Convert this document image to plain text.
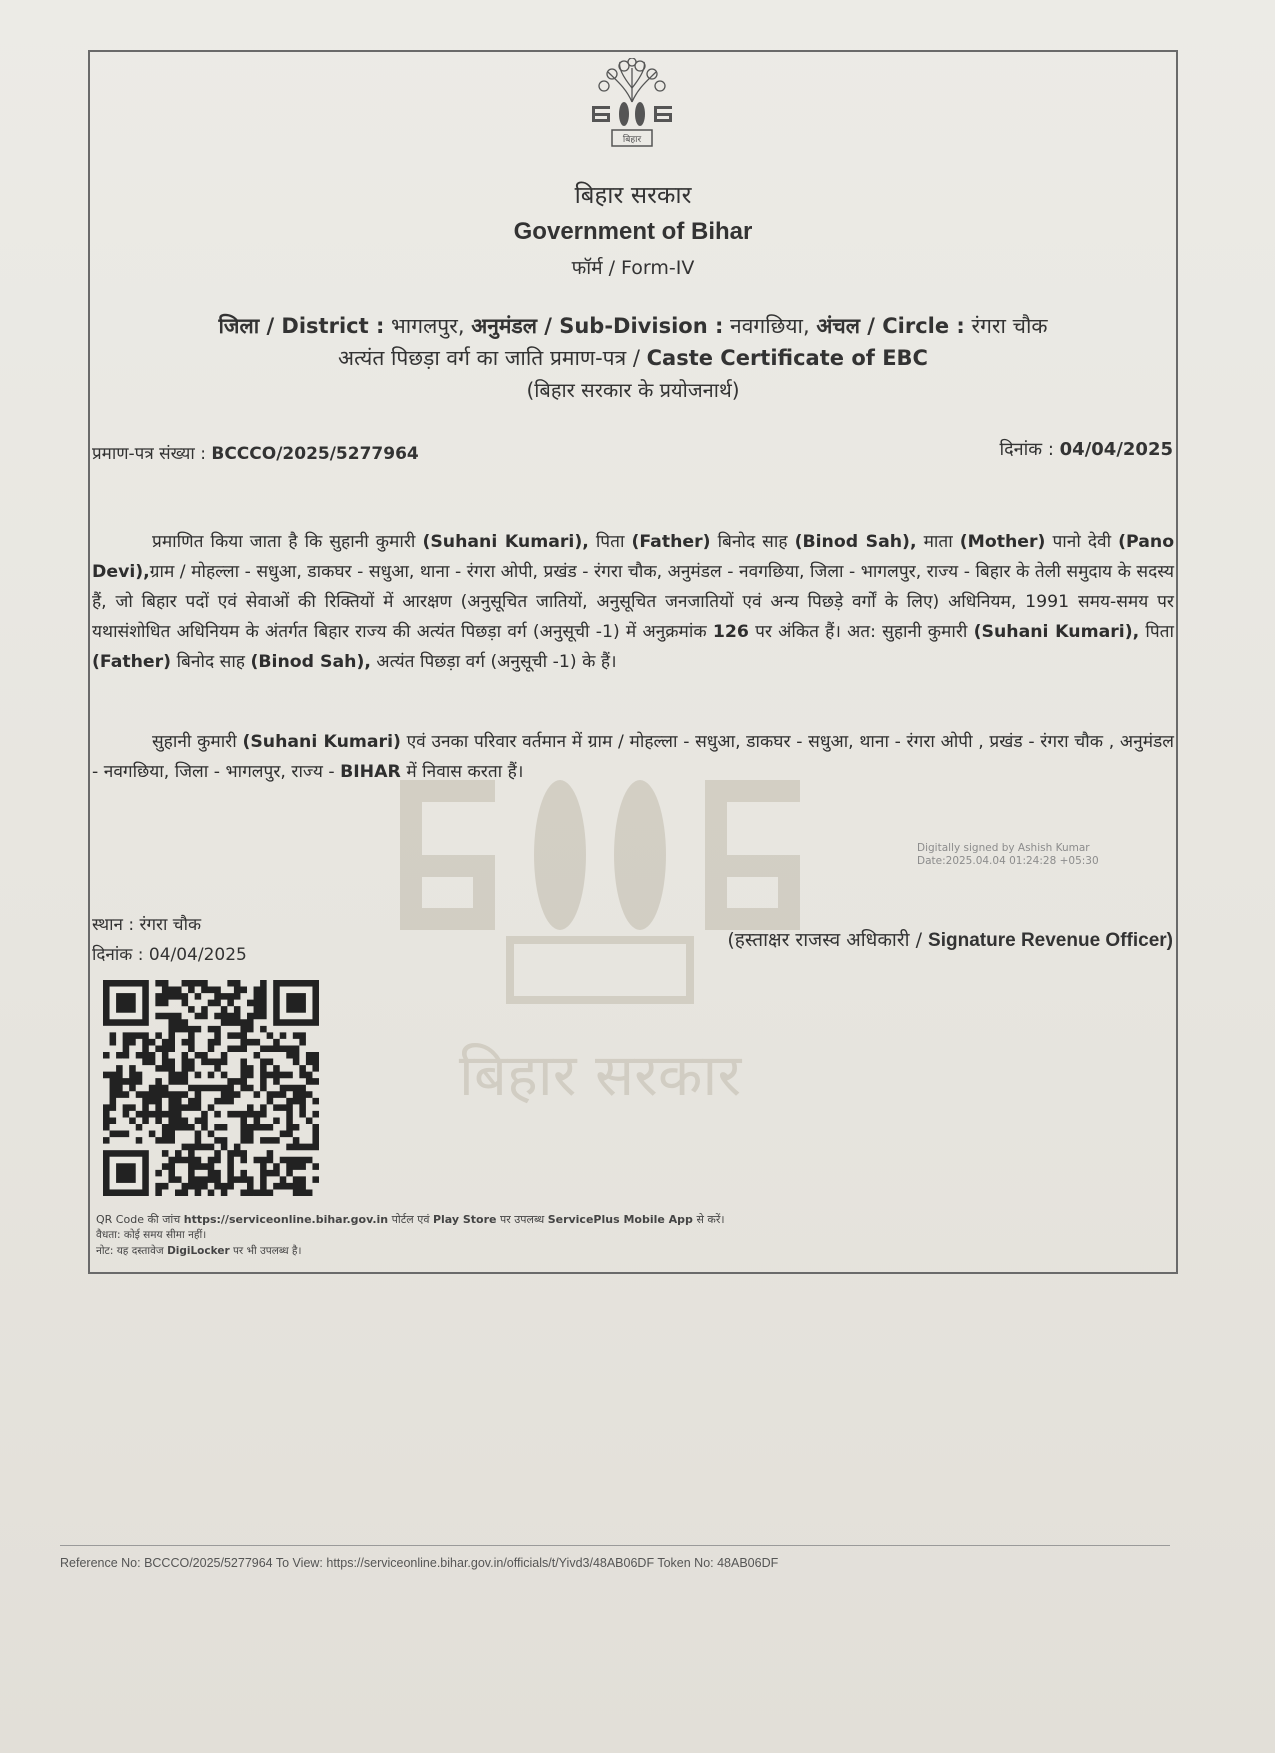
बिहार सरकार
बिहार
बिहार सरकार
Government of Bihar
फॉर्म / Form-IV
जिला / District : भागलपुर, अनुमंडल / Sub-Division : नवगछिया, अंचल / Circle : रंगरा चौक
अत्यंत पिछड़ा वर्ग का जाति प्रमाण-पत्र / Caste Certificate of EBC
(बिहार सरकार के प्रयोजनार्थ)
प्रमाण-पत्र संख्या : BCCCO/2025/5277964	दिनांक : 04/04/2025
प्रमाणित किया जाता है कि सुहानी कुमारी (Suhani Kumari), पिता (Father) बिनोद साह (Binod Sah), माता (Mother) पानो देवी (Pano Devi),ग्राम / मोहल्ला - सधुआ, डाकघर - सधुआ, थाना - रंगरा ओपी, प्रखंड - रंगरा चौक, अनुमंडल - नवगछिया, जिला - भागलपुर, राज्य - बिहार के तेली समुदाय के सदस्य हैं, जो बिहार पदों एवं सेवाओं की रिक्तियों में आरक्षण (अनुसूचित जातियों, अनुसूचित जनजातियों एवं अन्य पिछड़े वर्गों के लिए) अधिनियम, 1991 समय-समय पर यथासंशोधित अधिनियम के अंतर्गत बिहार राज्य की अत्यंत पिछड़ा वर्ग (अनुसूची -1) में अनुक्रमांक 126 पर अंकित हैं। अत: सुहानी कुमारी (Suhani Kumari), पिता (Father) बिनोद साह (Binod Sah), अत्यंत पिछड़ा वर्ग (अनुसूची -1) के हैं।
सुहानी कुमारी (Suhani Kumari) एवं उनका परिवार वर्तमान में ग्राम / मोहल्ला - सधुआ, डाकघर - सधुआ, थाना - रंगरा ओपी , प्रखंड - रंगरा चौक , अनुमंडल - नवगछिया, जिला - भागलपुर, राज्य - BIHAR में निवास करता हैं।
Digitally signed by Ashish Kumar
Date:2025.04.04 01:24:28 +05:30
स्थान : रंगरा चौक
दिनांक : 04/04/2025
(हस्ताक्षर राजस्व अधिकारी / Signature Revenue Officer)
QR Code की जांच https://serviceonline.bihar.gov.in पोर्टल एवं Play Store पर उपलब्ध ServicePlus Mobile App से करें।
वैधता: कोई समय सीमा नहीं।
नोट: यह दस्तावेज DigiLocker पर भी उपलब्ध है।
Reference No: BCCCO/2025/5277964 To View: https://serviceonline.bihar.gov.in/officials/t/Yivd3/48AB06DF Token No: 48AB06DF
